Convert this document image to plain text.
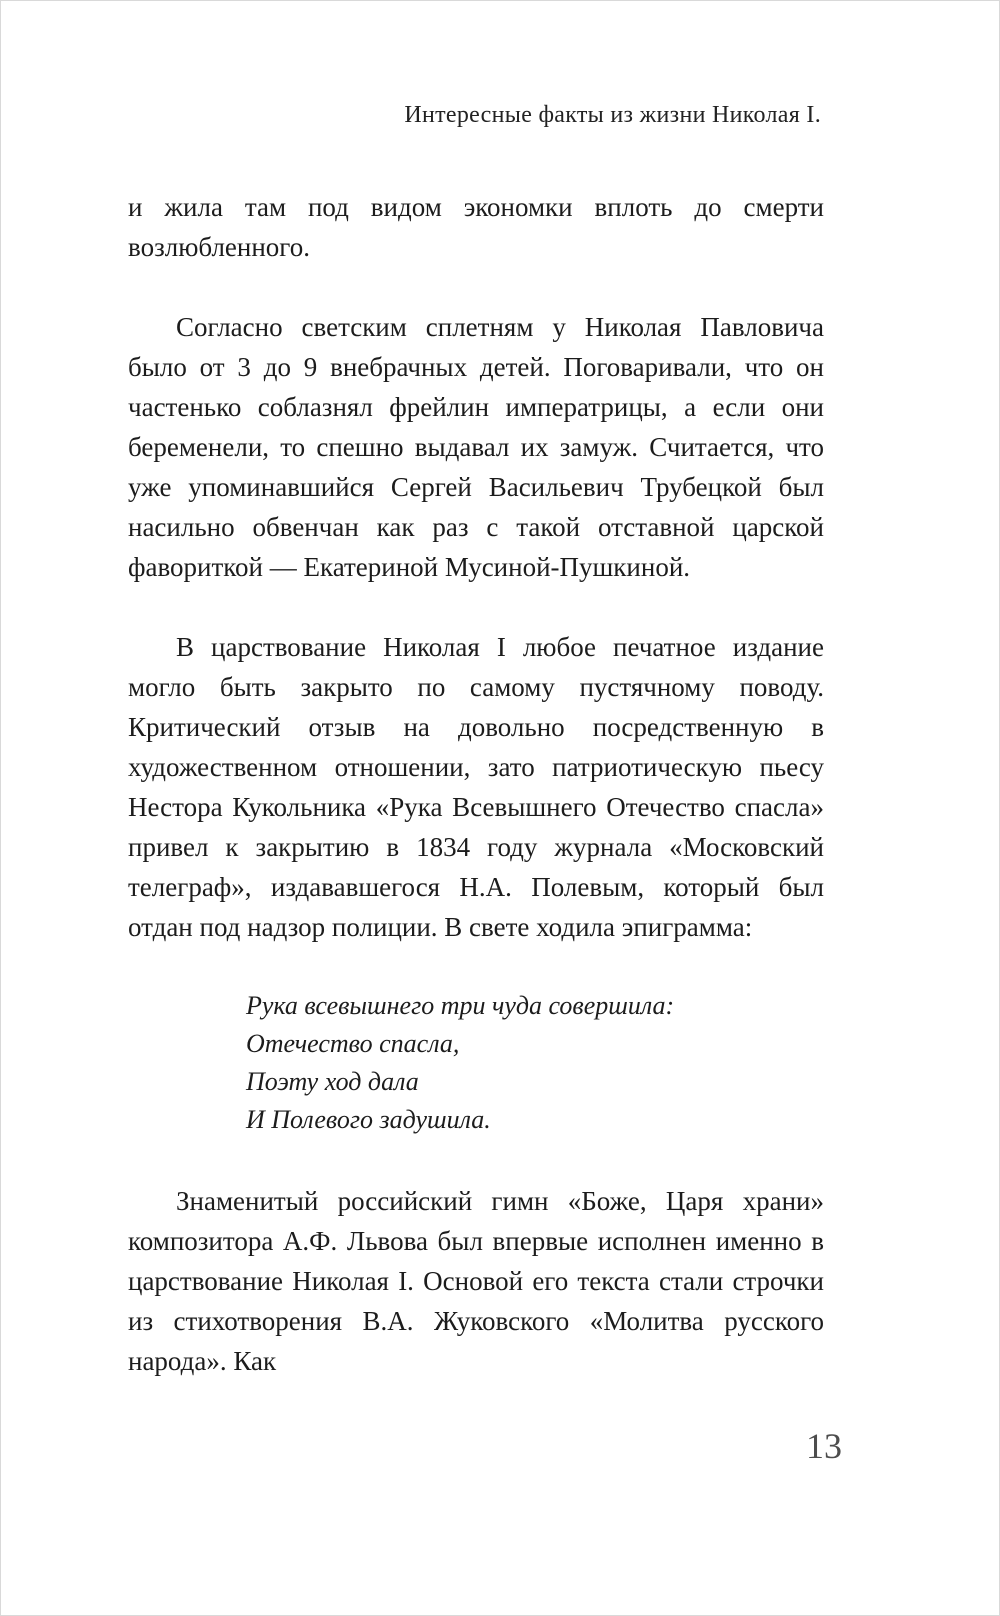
Интересные факты из жизни Николая I.

и жила там под видом экономки вплоть до смерти возлюбленного.

Согласно светским сплетням у Николая Павловича было от 3 до 9 внебрачных детей. Поговаривали, что он частенько соблазнял фрейлин императрицы, а если они беременели, то спешно выдавал их замуж. Считается, что уже упоминавшийся Сергей Васильевич Трубецкой был насильно обвенчан как раз с такой отставной царской фавориткой — Екатериной Мусиной-Пушкиной.

В царствование Николая I любое печатное издание могло быть закрыто по самому пустячному поводу. Критический отзыв на довольно посредственную в художественном отношении, зато патриотическую пьесу Нестора Кукольника «Рука Всевышнего Отечество спасла» привел к закрытию в 1834 году журнала «Московский телеграф», издававшегося Н.А. Полевым, который был отдан под надзор полиции. В свете ходила эпиграмма:

Рука всевышнего три чуда совершила:
Отечество спасла,
Поэту ход дала
И Полевого задушила.

Знаменитый российский гимн «Боже, Царя храни» композитора А.Ф. Львова был впервые исполнен именно в царствование Николая I. Основой его текста стали строчки из стихотворения В.А. Жуковского «Молитва русского народа». Как

13
